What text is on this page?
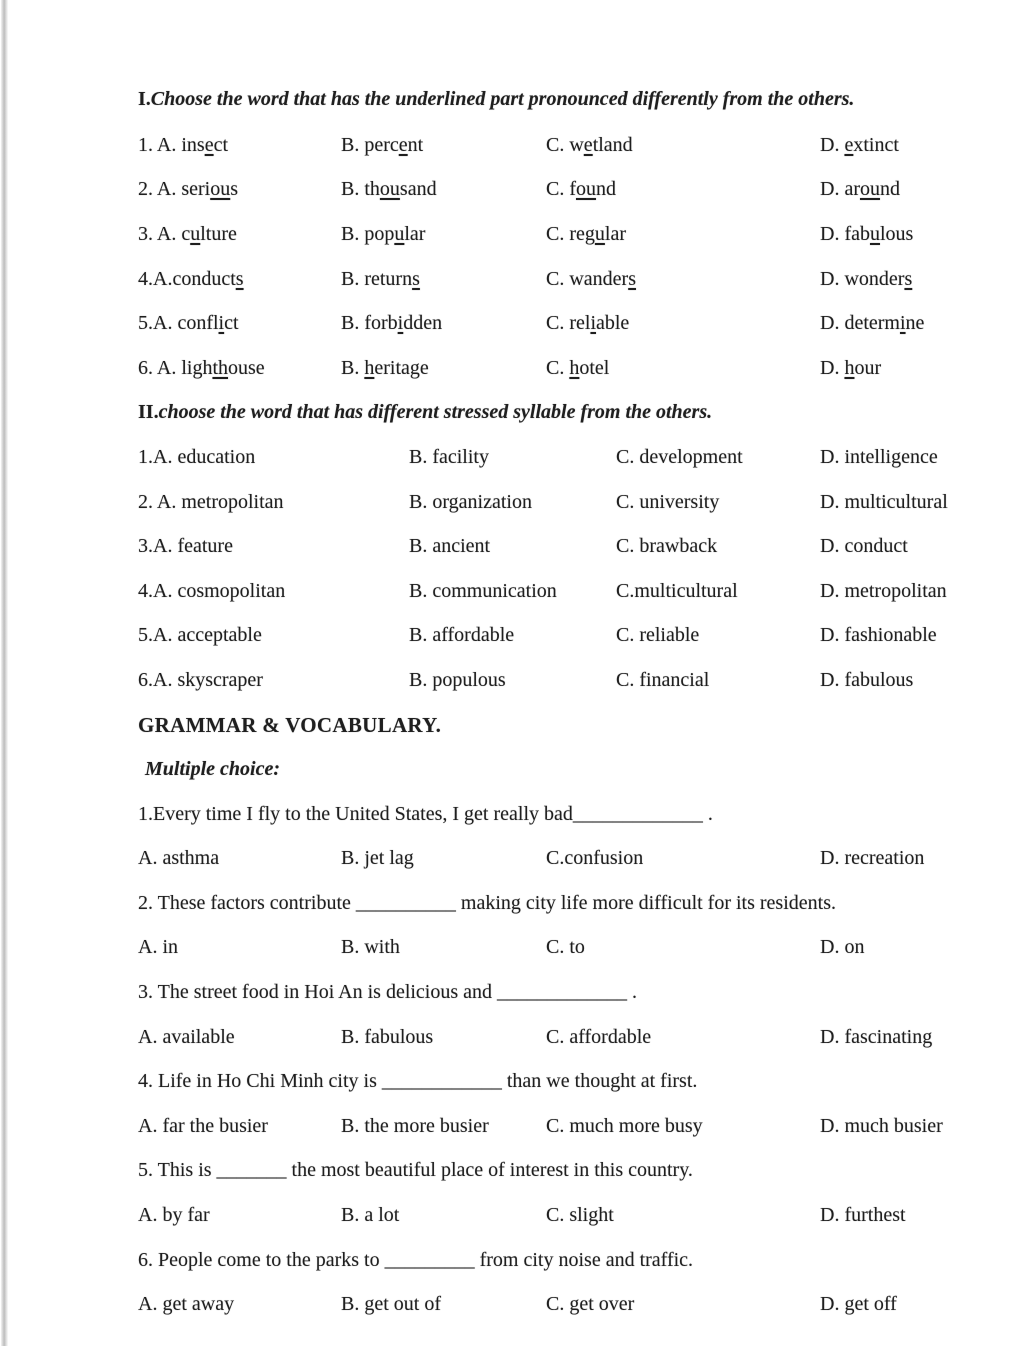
I.Choose the word that has the underlined part pronounced differently from the others.
1. A. insect	B. percent	C. wetland	D. extinct
2. A. serious	B. thousand	C. found	D. around
3. A. culture	B. popular	C. regular	D. fabulous
4.A.conducts	B. returns	C. wanders	D. wonders
5.A. conflict	B. forbidden	C. reliable	D. determine
6. A. lighthouse	B. heritage	C. hotel	D. hour
II. choose the word that has different stressed syllable from the others.
1.A. education	B. facility	C. development	D. intelligence
2. A. metropolitan	B. organization	C. university	D. multicultural
3.A. feature	B. ancient	C. brawback	D. conduct
4.A. cosmopolitan	B. communication	C.multicultural	D. metropolitan
5.A. acceptable	B. affordable	C. reliable	D. fashionable
6.A. skyscraper	B. populous	C. financial	D. fabulous
GRAMMAR & VOCABULARY.
Multiple choice:
1.Every time I fly to the United States, I get really bad_____________ .
A. asthma	B. jet lag	C.confusion	D. recreation
2. These factors contribute __________ making city life more difficult for its residents.
A. in	B. with	C. to	D. on
3. The street food in Hoi An is delicious and _____________ .
A. available	B. fabulous	C. affordable	D. fascinating
4. Life in Ho Chi Minh city is ____________ than we thought at first.
A. far the busier	B. the more busier	C. much more busy	D. much busier
5. This is _______ the most beautiful place of interest in this country.
A. by far	B. a lot	C. slight	D. furthest
6. People come to the parks to _________ from city noise and traffic.
A. get away	B. get out of	C. get over	D. get off
